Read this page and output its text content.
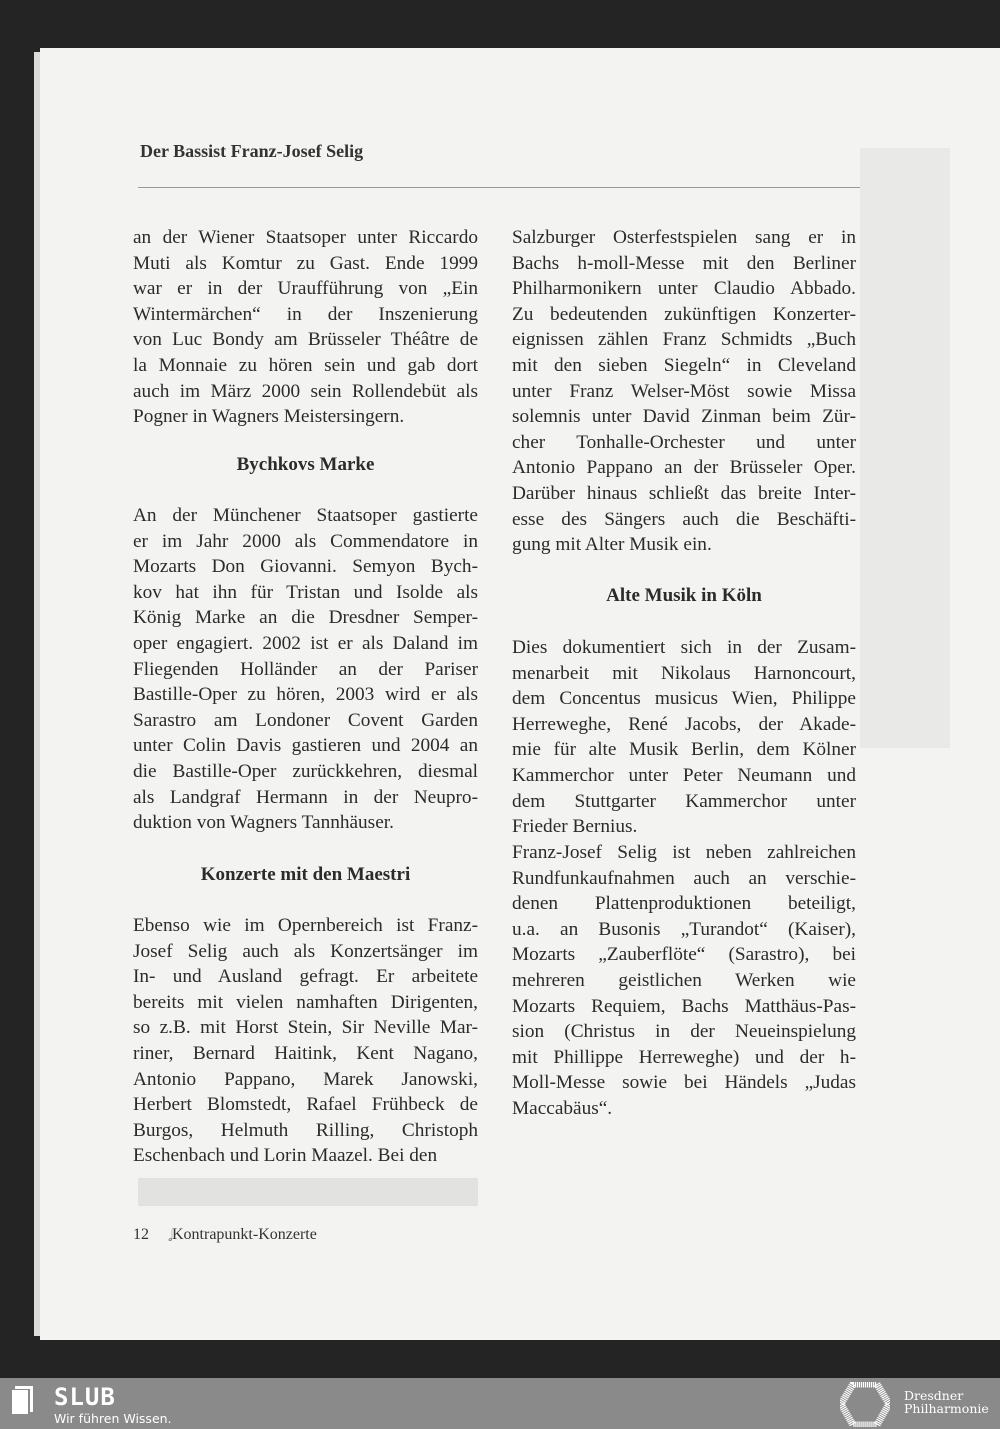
Der Bassist Franz-Josef Selig
an der Wiener Staatsoper unter Riccardo
Muti als Komtur zu Gast. Ende 1999
war er in der Uraufführung von „Ein
Wintermärchen“ in der Inszenierung
von Luc Bondy am Brüsseler Théâtre de
la Monnaie zu hören sein und gab dort
auch im März 2000 sein Rollendebüt als
Pogner in Wagners Meistersingern.
Bychkovs Marke
An der Münchener Staatsoper gastierte
er im Jahr 2000 als Commendatore in
Mozarts Don Giovanni. Semyon Bych-
kov hat ihn für Tristan und Isolde als
König Marke an die Dresdner Semper-
oper engagiert. 2002 ist er als Daland im
Fliegenden Holländer an der Pariser
Bastille-Oper zu hören, 2003 wird er als
Sarastro am Londoner Covent Garden
unter Colin Davis gastieren und 2004 an
die Bastille-Oper zurückkehren, diesmal
als Landgraf Hermann in der Neupro-
duktion von Wagners Tannhäuser.
Konzerte mit den Maestri
Ebenso wie im Opernbereich ist Franz-
Josef Selig auch als Konzertsänger im
In- und Ausland gefragt. Er arbeitete
bereits mit vielen namhaften Dirigenten,
so z.B. mit Horst Stein, Sir Neville Mar-
riner, Bernard Haitink, Kent Nagano,
Antonio Pappano, Marek Janowski,
Herbert Blomstedt, Rafael Frühbeck de
Burgos, Helmuth Rilling, Christoph
Eschenbach und Lorin Maazel. Bei den
Salzburger Osterfestspielen sang er in
Bachs h-moll-Messe mit den Berliner
Philharmonikern unter Claudio Abbado.
Zu bedeutenden zukünftigen Konzerter-
eignissen zählen Franz Schmidts „Buch
mit den sieben Siegeln“ in Cleveland
unter Franz Welser-Möst sowie Missa
solemnis unter David Zinman beim Zür-
cher Tonhalle-Orchester und unter
Antonio Pappano an der Brüsseler Oper.
Darüber hinaus schließt das breite Inter-
esse des Sängers auch die Beschäfti-
gung mit Alter Musik ein.
Alte Musik in Köln
Dies dokumentiert sich in der Zusam-
menarbeit mit Nikolaus Harnoncourt,
dem Concentus musicus Wien, Philippe
Herreweghe, René Jacobs, der Akade-
mie für alte Musik Berlin, dem Kölner
Kammerchor unter Peter Neumann und
dem Stuttgarter Kammerchor unter
Frieder Bernius.
Franz-Josef Selig ist neben zahlreichen
Rundfunkaufnahmen auch an verschie-
denen Plattenproduktionen beteiligt,
u.a. an Busonis „Turandot“ (Kaiser),
Mozarts „Zauberflöte“ (Sarastro), bei
mehreren geistlichen Werken wie
Mozarts Requiem, Bachs Matthäus-Pas-
sion (Christus in der Neueinspielung
mit Phillippe Herreweghe) und der h-
Moll-Messe sowie bei Händels „Judas
Maccabäus“.
12 𝅗𝅥 Kontrapunkt-Konzerte
SLUB
Wir führen Wissen.
Dresdner
Philharmonie
